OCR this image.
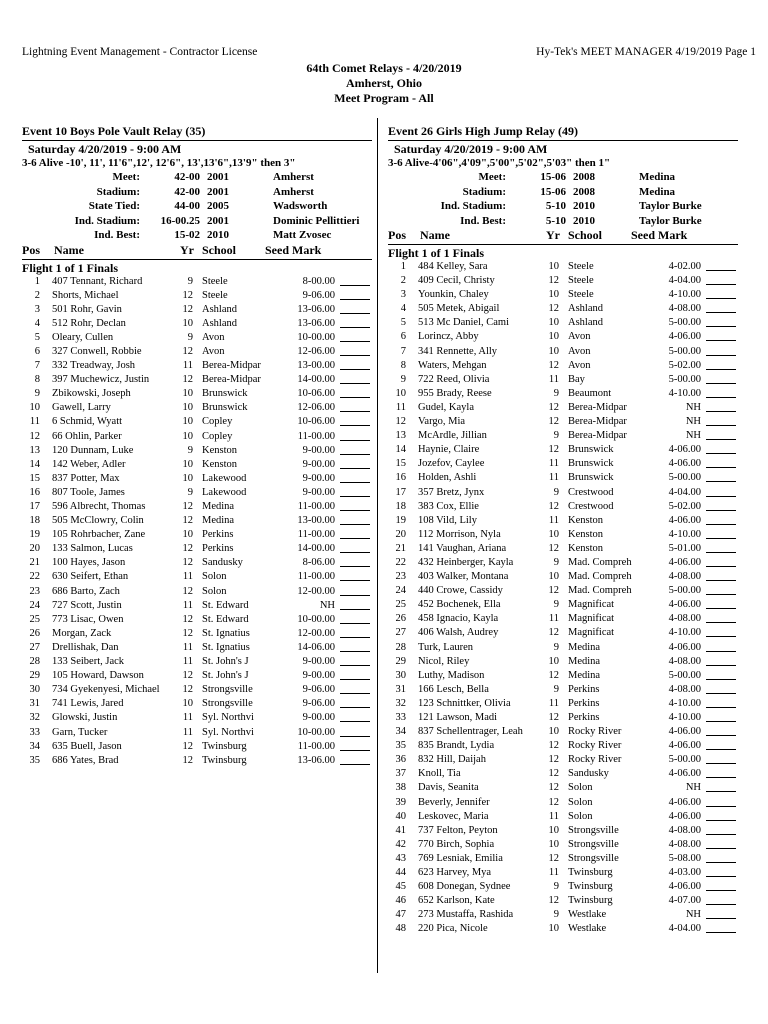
Lightning Event Management - Contractor License	Hy-Tek's MEET MANAGER 4/19/2019 Page 1
64th Comet Relays - 4/20/2019
Amherst, Ohio
Meet Program - All
Event 10 Boys Pole Vault Relay (35)
Saturday 4/20/2019 - 9:00 AM
3-6 Alive -10', 11', 11'6",12', 12'6", 13',13'6",13'9" then 3"
Meet:	42-00 2001	Amherst
Stadium:	42-00 2001	Amherst
State Tied:	44-00 2005	Wadsworth
Ind. Stadium:	16-00.25 2001	Dominic Pellittieri
Ind. Best:	15-02 2010	Matt Zvosec
Pos Name	Yr School Seed Mark
Flight 1 of 1 Finals
1 407 Tennant, Richard	9 Steele	8-00.00
2 Shorts, Michael	12 Steele	9-06.00
3 501 Rohr, Gavin	12 Ashland	13-06.00
4 512 Rohr, Declan	10 Ashland	13-06.00
5 Oleary, Cullen	9 Avon	10-00.00
6 327 Conwell, Robbie	12 Avon	12-06.00
7 332 Treadway, Josh	11 Berea-Midpar	13-00.00
8 397 Muchewicz, Justin	12 Berea-Midpar	14-00.00
9 Zbikowski, Joseph	10 Brunswick	10-06.00
10 Gawell, Larry	10 Brunswick	12-06.00
11 6 Schmid, Wyatt	10 Copley	10-06.00
12 66 Ohlin, Parker	10 Copley	11-00.00
13 120 Dunnam, Luke	9 Kenston	9-00.00
14 142 Weber, Adler	10 Kenston	9-00.00
15 837 Potter, Max	10 Lakewood	9-00.00
16 807 Toole, James	9 Lakewood	9-00.00
17 596 Albrecht, Thomas	12 Medina	11-00.00
18 505 McClowry, Colin	12 Medina	13-00.00
19 105 Rohrbacher, Zane	10 Perkins	11-00.00
20 133 Salmon, Lucas	12 Perkins	14-00.00
21 100 Hayes, Jason	12 Sandusky	8-06.00
22 630 Seifert, Ethan	11 Solon	11-00.00
23 686 Barto, Zach	12 Solon	12-00.00
24 727 Scott, Justin	11 St. Edward	NH
25 773 Lisac, Owen	12 St. Edward	10-00.00
26 Morgan, Zack	12 St. Ignatius	12-00.00
27 Drellishak, Dan	11 St. Ignatius	14-06.00
28 133 Seibert, Jack	11 St. John's J	9-00.00
29 105 Howard, Dawson	12 St. John's J	9-00.00
30 734 Gyekenyesi, Michael	12 Strongsville	9-06.00
31 741 Lewis, Jared	10 Strongsville	9-06.00
32 Glowski, Justin	11 Syl. Northvi	9-00.00
33 Garn, Tucker	11 Syl. Northvi	10-00.00
34 635 Buell, Jason	12 Twinsburg	11-00.00
35 686 Yates, Brad	12 Twinsburg	13-06.00
Event 26 Girls High Jump Relay (49)
Saturday 4/20/2019 - 9:00 AM
3-6 Alive-4'06",4'09",5'00",5'02",5'03" then 1"
Meet:	15-06 2008	Medina
Stadium:	15-06 2008	Medina
Ind. Stadium:	5-10 2010	Taylor Burke
Ind. Best:	5-10 2010	Taylor Burke
Pos Name	Yr School Seed Mark
Flight 1 of 1 Finals
1 484 Kelley, Sara	10 Steele	4-02.00
2 409 Cecil, Christy	12 Steele	4-04.00
3 Younkin, Chaley	10 Steele	4-10.00
4 505 Metek, Abigail	12 Ashland	4-08.00
5 513 Mc Daniel, Cami	10 Ashland	5-00.00
6 Lorincz, Abby	10 Avon	4-06.00
7 341 Rennette, Ally	10 Avon	5-00.00
8 Waters, Mehgan	12 Avon	5-02.00
9 722 Reed, Olivia	11 Bay	5-00.00
10 955 Brady, Reese	9 Beaumont	4-10.00
11 Gudel, Kayla	12 Berea-Midpar	NH
12 Vargo, Mia	12 Berea-Midpar	NH
13 McArdle, Jillian	9 Berea-Midpar	NH
14 Haynie, Claire	12 Brunswick	4-06.00
15 Jozefov, Caylee	11 Brunswick	4-06.00
16 Holden, Ashli	11 Brunswick	5-00.00
17 357 Bretz, Jynx	9 Crestwood	4-04.00
18 383 Cox, Ellie	12 Crestwood	5-02.00
19 108 Vild, Lily	11 Kenston	4-06.00
20 112 Morrison, Nyla	10 Kenston	4-10.00
21 141 Vaughan, Ariana	12 Kenston	5-01.00
22 432 Heinberger, Kayla	9 Mad. Compreh	4-06.00
23 403 Walker, Montana	10 Mad. Compreh	4-08.00
24 440 Crowe, Cassidy	12 Mad. Compreh	5-00.00
25 452 Bochenek, Ella	9 Magnificat	4-06.00
26 458 Ignacio, Kayla	11 Magnificat	4-08.00
27 406 Walsh, Audrey	12 Magnificat	4-10.00
28 Turk, Lauren	9 Medina	4-06.00
29 Nicol, Riley	10 Medina	4-08.00
30 Luthy, Madison	12 Medina	5-00.00
31 166 Lesch, Bella	9 Perkins	4-08.00
32 123 Schnittker, Olivia	11 Perkins	4-10.00
33 121 Lawson, Madi	12 Perkins	4-10.00
34 837 Schellentrager, Leah	10 Rocky River	4-06.00
35 835 Brandt, Lydia	12 Rocky River	4-06.00
36 832 Hill, Daijah	12 Rocky River	5-00.00
37 Knoll, Tia	12 Sandusky	4-06.00
38 Davis, Seanita	12 Solon	NH
39 Beverly, Jennifer	12 Solon	4-06.00
40 Leskovec, Maria	11 Solon	4-06.00
41 737 Felton, Peyton	10 Strongsville	4-08.00
42 770 Birch, Sophia	10 Strongsville	4-08.00
43 769 Lesniak, Emilia	12 Strongsville	5-08.00
44 623 Harvey, Mya	11 Twinsburg	4-03.00
45 608 Donegan, Sydnee	9 Twinsburg	4-06.00
46 652 Karlson, Kate	12 Twinsburg	4-07.00
47 273 Mustaffa, Rashida	9 Westlake	NH
48 220 Pica, Nicole	10 Westlake	4-04.00
